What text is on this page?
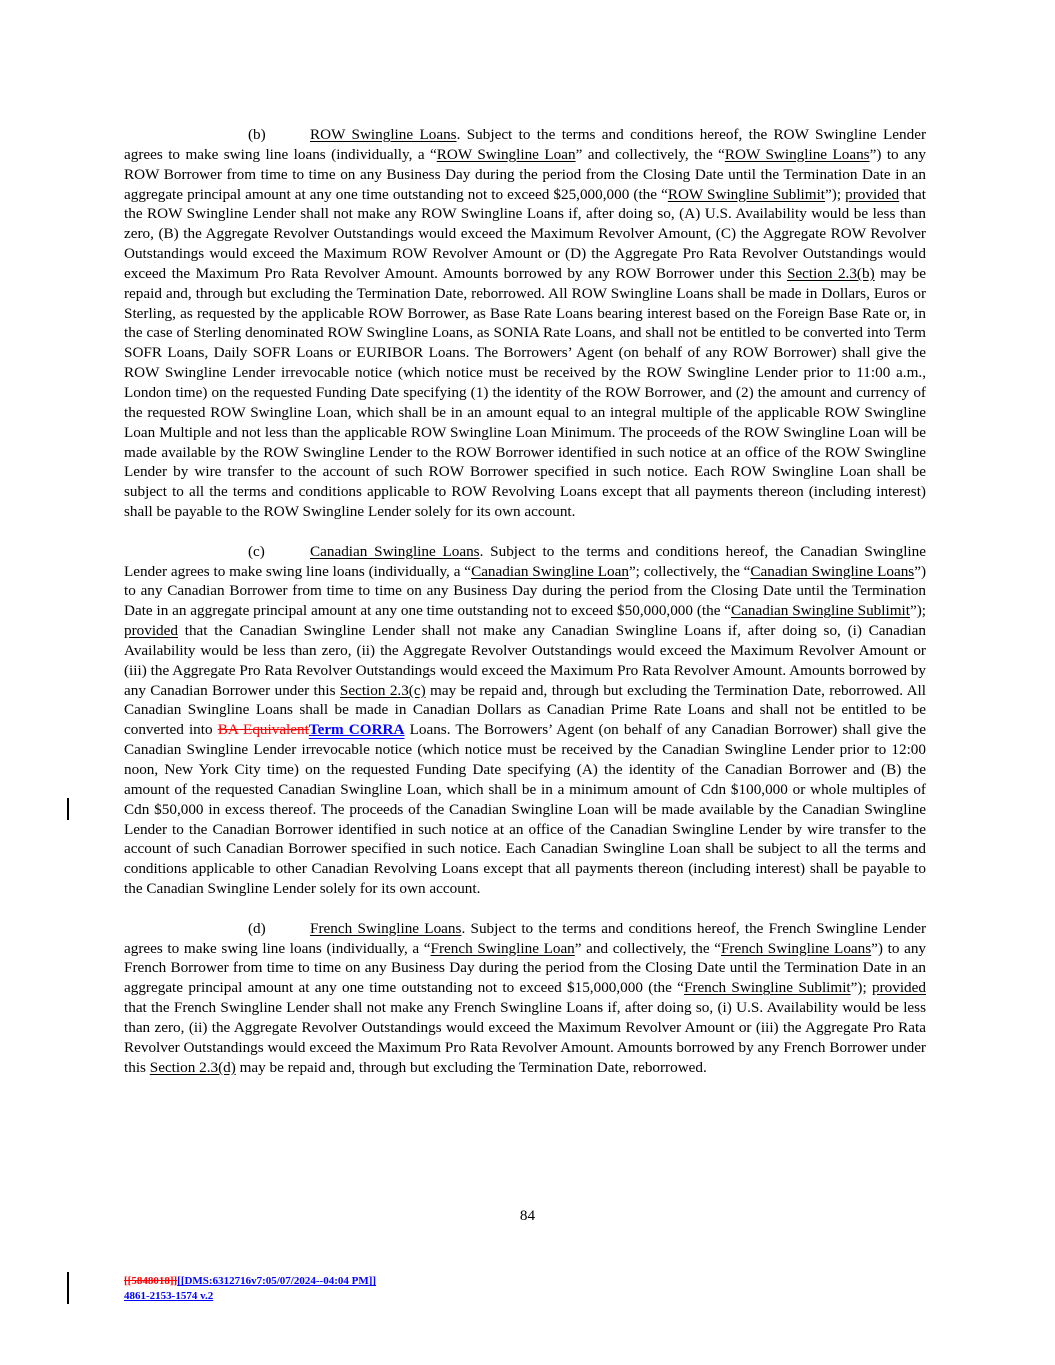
(b)	ROW Swingline Loans. Subject to the terms and conditions hereof, the ROW Swingline Lender agrees to make swing line loans (individually, a “ROW Swingline Loan” and collectively, the “ROW Swingline Loans”) to any ROW Borrower from time to time on any Business Day during the period from the Closing Date until the Termination Date in an aggregate principal amount at any one time outstanding not to exceed $25,000,000 (the “ROW Swingline Sublimit”); provided that the ROW Swingline Lender shall not make any ROW Swingline Loans if, after doing so, (A) U.S. Availability would be less than zero, (B) the Aggregate Revolver Outstandings would exceed the Maximum Revolver Amount, (C) the Aggregate ROW Revolver Outstandings would exceed the Maximum ROW Revolver Amount or (D) the Aggregate Pro Rata Revolver Outstandings would exceed the Maximum Pro Rata Revolver Amount. Amounts borrowed by any ROW Borrower under this Section 2.3(b) may be repaid and, through but excluding the Termination Date, reborrowed. All ROW Swingline Loans shall be made in Dollars, Euros or Sterling, as requested by the applicable ROW Borrower, as Base Rate Loans bearing interest based on the Foreign Base Rate or, in the case of Sterling denominated ROW Swingline Loans, as SONIA Rate Loans, and shall not be entitled to be converted into Term SOFR Loans, Daily SOFR Loans or EURIBOR Loans. The Borrowers’ Agent (on behalf of any ROW Borrower) shall give the ROW Swingline Lender irrevocable notice (which notice must be received by the ROW Swingline Lender prior to 11:00 a.m., London time) on the requested Funding Date specifying (1) the identity of the ROW Borrower, and (2) the amount and currency of the requested ROW Swingline Loan, which shall be in an amount equal to an integral multiple of the applicable ROW Swingline Loan Multiple and not less than the applicable ROW Swingline Loan Minimum. The proceeds of the ROW Swingline Loan will be made available by the ROW Swingline Lender to the ROW Borrower identified in such notice at an office of the ROW Swingline Lender by wire transfer to the account of such ROW Borrower specified in such notice. Each ROW Swingline Loan shall be subject to all the terms and conditions applicable to ROW Revolving Loans except that all payments thereon (including interest) shall be payable to the ROW Swingline Lender solely for its own account.

(c)	Canadian Swingline Loans. Subject to the terms and conditions hereof, the Canadian Swingline Lender agrees to make swing line loans (individually, a “Canadian Swingline Loan”; collectively, the “Canadian Swingline Loans”) to any Canadian Borrower from time to time on any Business Day during the period from the Closing Date until the Termination Date in an aggregate principal amount at any one time outstanding not to exceed $50,000,000 (the “Canadian Swingline Sublimit”); provided that the Canadian Swingline Lender shall not make any Canadian Swingline Loans if, after doing so, (i) Canadian Availability would be less than zero, (ii) the Aggregate Revolver Outstandings would exceed the Maximum Revolver Amount or (iii) the Aggregate Pro Rata Revolver Outstandings would exceed the Maximum Pro Rata Revolver Amount. Amounts borrowed by any Canadian Borrower under this Section 2.3(c) may be repaid and, through but excluding the Termination Date, reborrowed. All Canadian Swingline Loans shall be made in Canadian Dollars as Canadian Prime Rate Loans and shall not be entitled to be converted into BA EquivalentTerm CORRA Loans. The Borrowers’ Agent (on behalf of any Canadian Borrower) shall give the Canadian Swingline Lender irrevocable notice (which notice must be received by the Canadian Swingline Lender prior to 12:00 noon, New York City time) on the requested Funding Date specifying (A) the identity of the Canadian Borrower and (B) the amount of the requested Canadian Swingline Loan, which shall be in a minimum amount of Cdn $100,000 or whole multiples of Cdn $50,000 in excess thereof. The proceeds of the Canadian Swingline Loan will be made available by the Canadian Swingline Lender to the Canadian Borrower identified in such notice at an office of the Canadian Swingline Lender by wire transfer to the account of such Canadian Borrower specified in such notice. Each Canadian Swingline Loan shall be subject to all the terms and conditions applicable to other Canadian Revolving Loans except that all payments thereon (including interest) shall be payable to the Canadian Swingline Lender solely for its own account.

(d)	French Swingline Loans. Subject to the terms and conditions hereof, the French Swingline Lender agrees to make swing line loans (individually, a “French Swingline Loan” and collectively, the “French Swingline Loans”) to any French Borrower from time to time on any Business Day during the period from the Closing Date until the Termination Date in an aggregate principal amount at any one time outstanding not to exceed $15,000,000 (the “French Swingline Sublimit”); provided that the French Swingline Lender shall not make any French Swingline Loans if, after doing so, (i) U.S. Availability would be less than zero, (ii) the Aggregate Revolver Outstandings would exceed the Maximum Revolver Amount or (iii) the Aggregate Pro Rata Revolver Outstandings would exceed the Maximum Pro Rata Revolver Amount. Amounts borrowed by any French Borrower under this Section 2.3(d) may be repaid and, through but excluding the Termination Date, reborrowed.

84
[[5848018]][[DMS:6312716v7:05/07/2024--04:04 PM]]
4861-2153-1574 v.2
